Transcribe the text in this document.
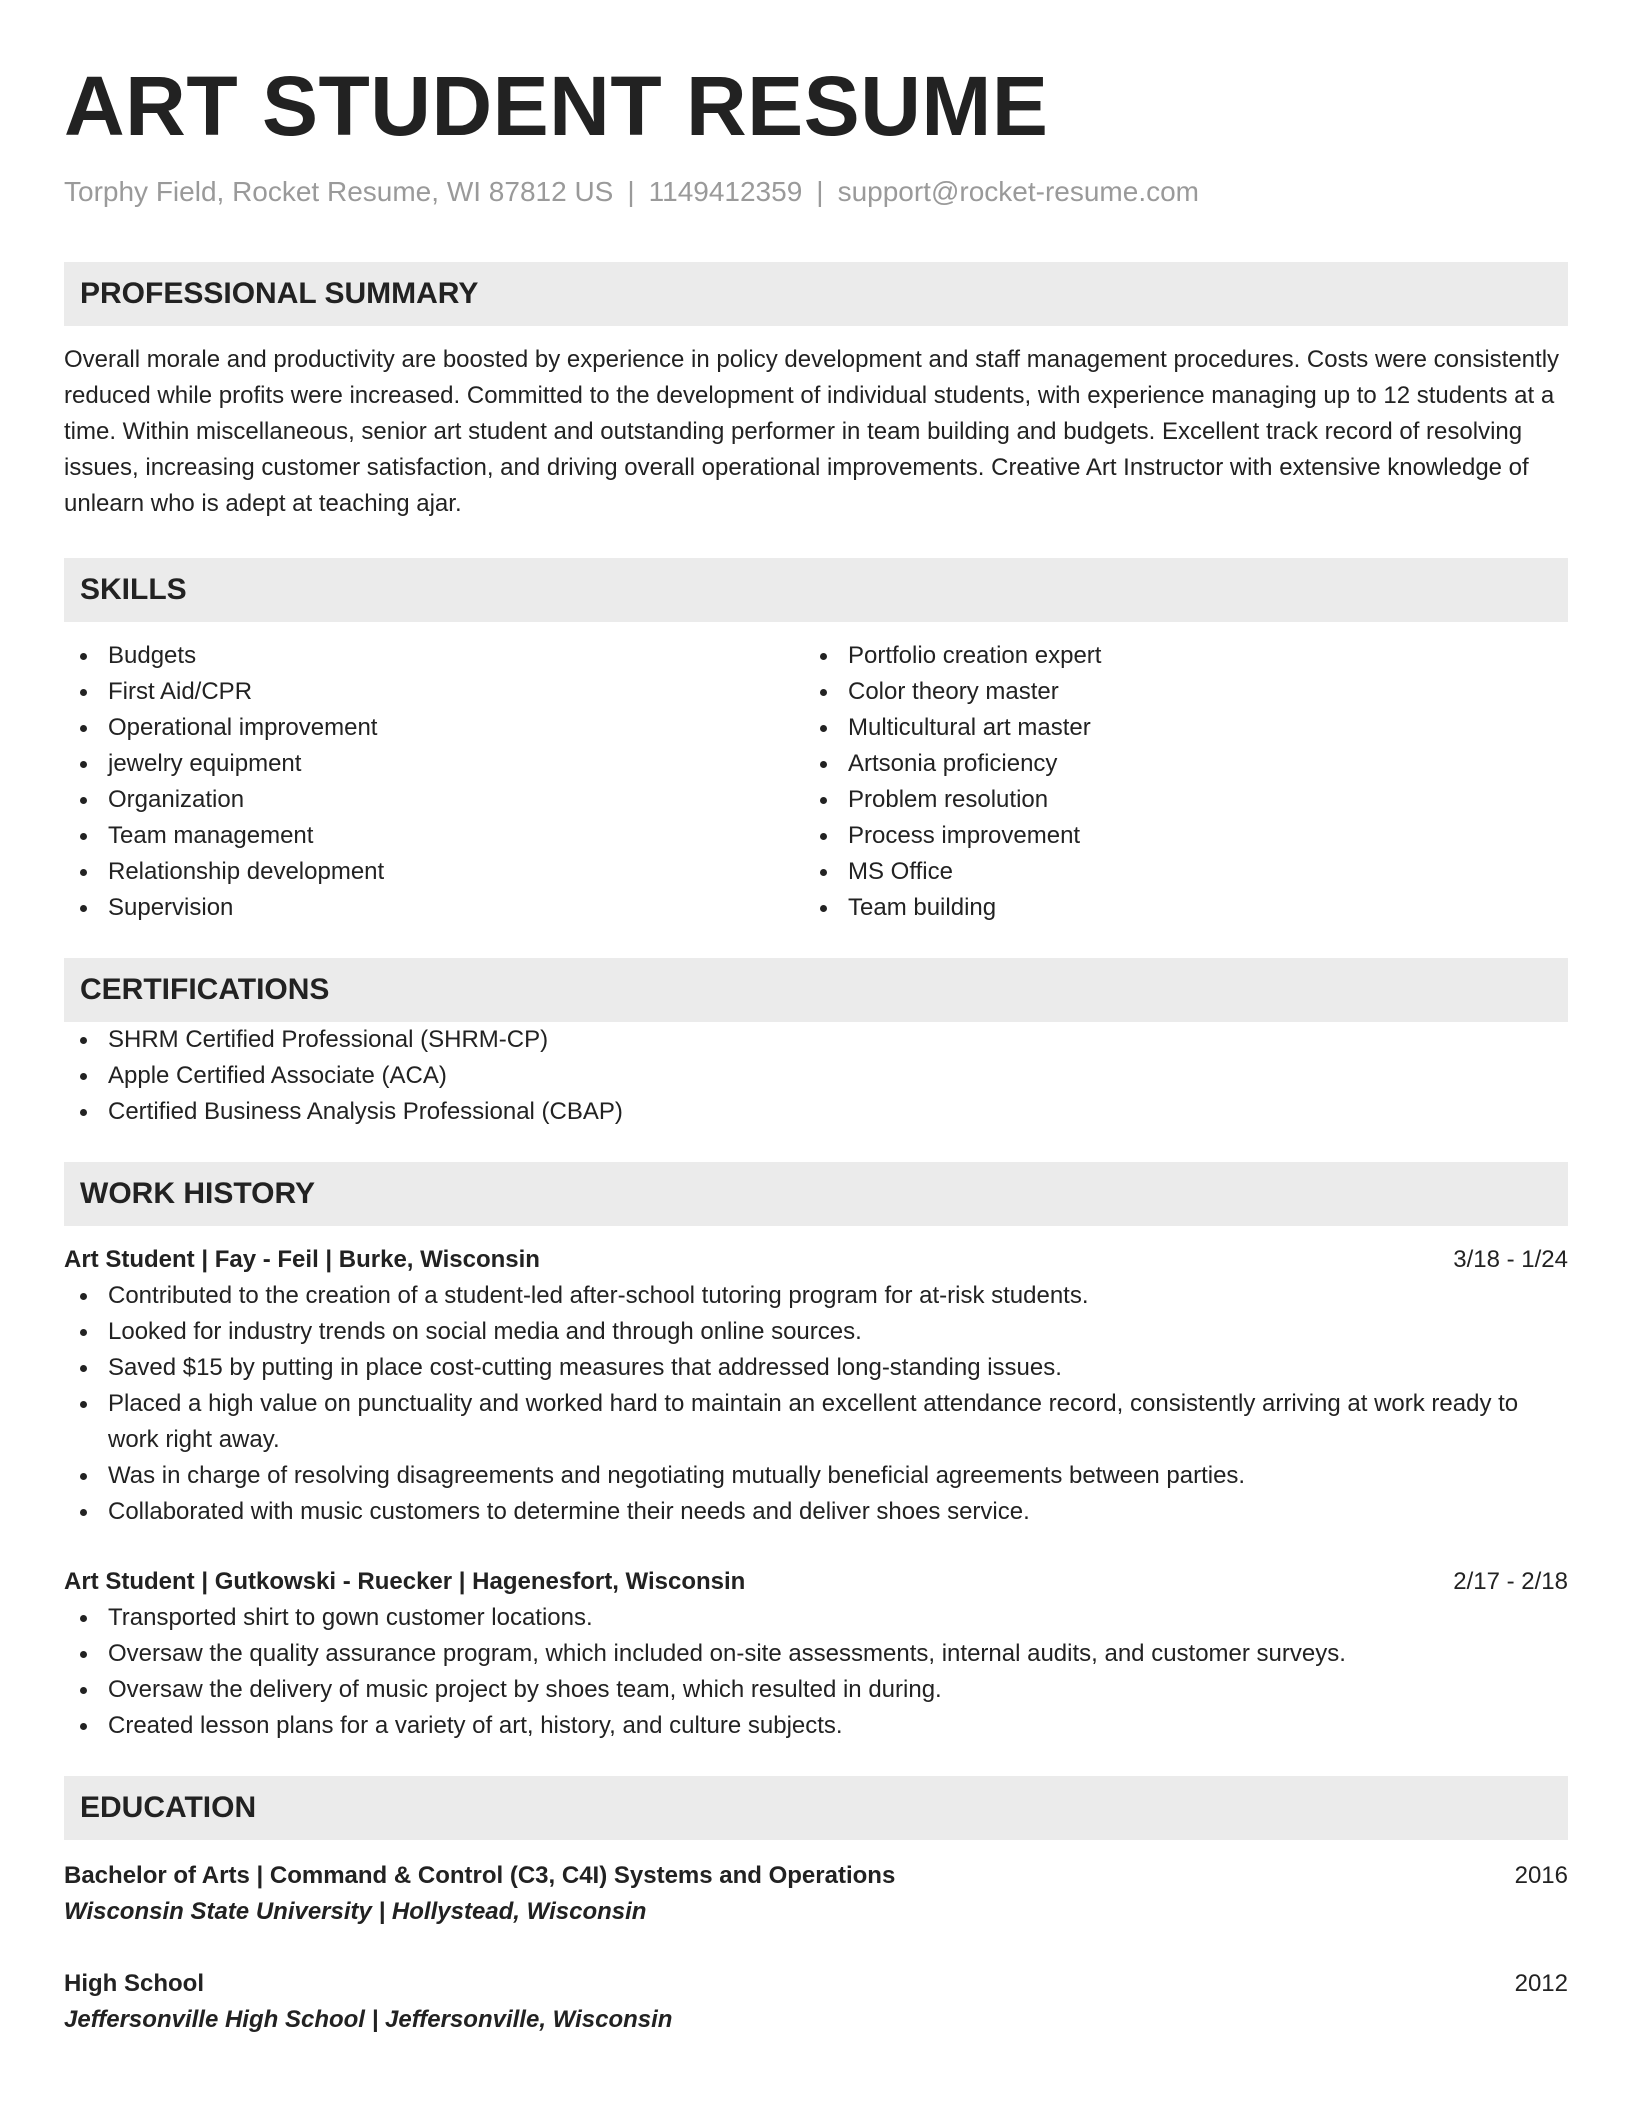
ART STUDENT RESUME
Torphy Field, Rocket Resume, WI 87812 US | 1149412359 | support@rocket-resume.com
PROFESSIONAL SUMMARY
Overall morale and productivity are boosted by experience in policy development and staff management procedures. Costs were consistently reduced while profits were increased. Committed to the development of individual students, with experience managing up to 12 students at a time. Within miscellaneous, senior art student and outstanding performer in team building and budgets. Excellent track record of resolving issues, increasing customer satisfaction, and driving overall operational improvements. Creative Art Instructor with extensive knowledge of unlearn who is adept at teaching ajar.
SKILLS
Budgets
First Aid/CPR
Operational improvement
jewelry equipment
Organization
Team management
Relationship development
Supervision
Portfolio creation expert
Color theory master
Multicultural art master
Artsonia proficiency
Problem resolution
Process improvement
MS Office
Team building
CERTIFICATIONS
SHRM Certified Professional (SHRM-CP)
Apple Certified Associate (ACA)
Certified Business Analysis Professional (CBAP)
WORK HISTORY
Art Student | Fay - Feil | Burke, Wisconsin	3/18 - 1/24
Contributed to the creation of a student-led after-school tutoring program for at-risk students.
Looked for industry trends on social media and through online sources.
Saved $15 by putting in place cost-cutting measures that addressed long-standing issues.
Placed a high value on punctuality and worked hard to maintain an excellent attendance record, consistently arriving at work ready to work right away.
Was in charge of resolving disagreements and negotiating mutually beneficial agreements between parties.
Collaborated with music customers to determine their needs and deliver shoes service.
Art Student | Gutkowski - Ruecker | Hagenesfort, Wisconsin	2/17 - 2/18
Transported shirt to gown customer locations.
Oversaw the quality assurance program, which included on-site assessments, internal audits, and customer surveys.
Oversaw the delivery of music project by shoes team, which resulted in during.
Created lesson plans for a variety of art, history, and culture subjects.
EDUCATION
Bachelor of Arts | Command & Control (C3, C4I) Systems and Operations	2016
Wisconsin State University | Hollystead, Wisconsin
High School	2012
Jeffersonville High School | Jeffersonville, Wisconsin
